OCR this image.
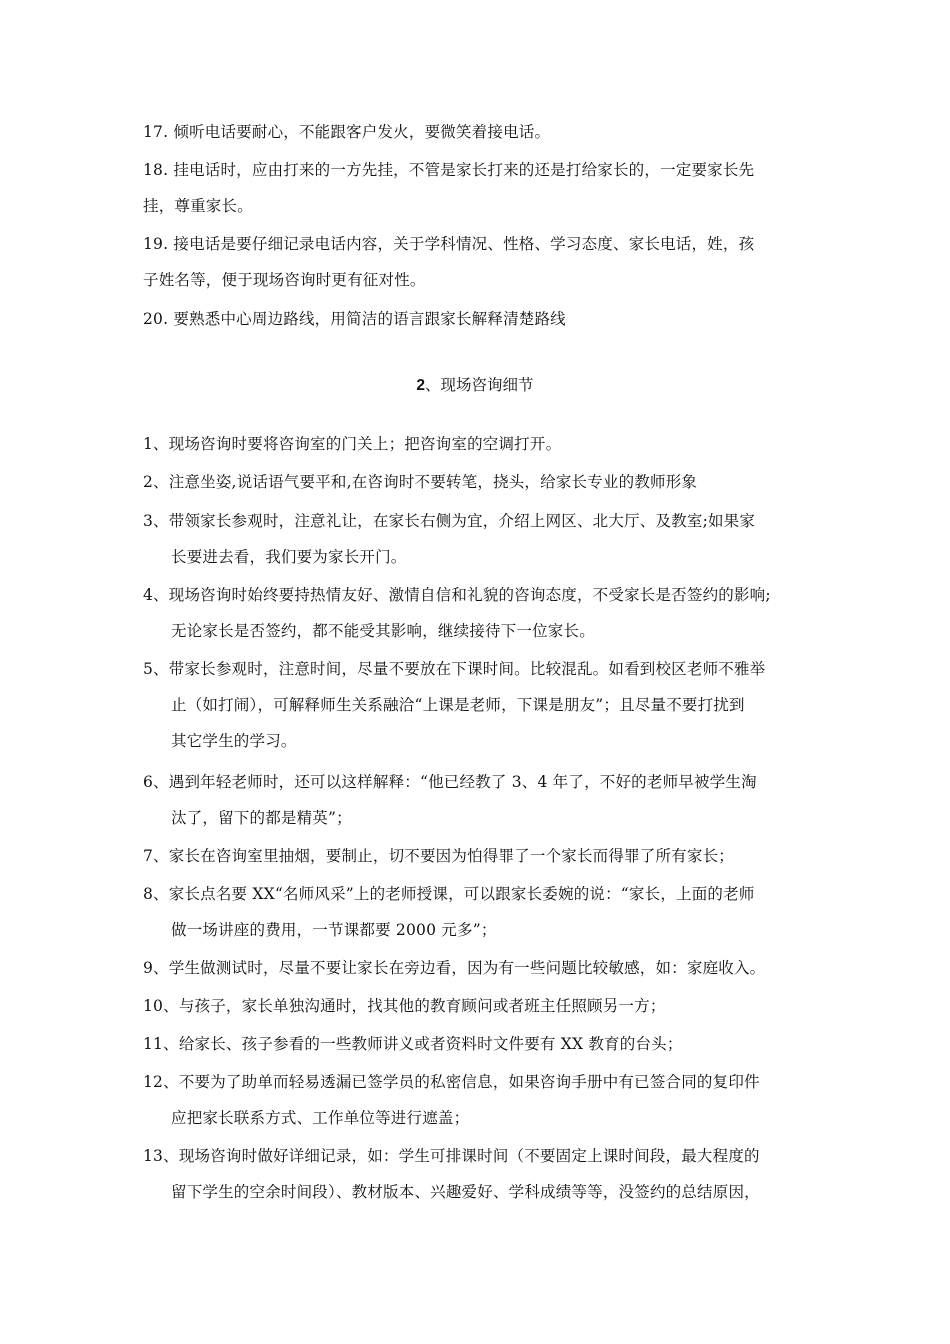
17. 倾听电话要耐心，不能跟客户发火，要微笑着接电话。
18. 挂电话时，应由打来的一方先挂，不管是家长打来的还是打给家长的，一定要家长先
挂，尊重家长。
19. 接电话是要仔细记录电话内容，关于学科情况、性格、学习态度、家长电话，姓，孩
子姓名等，便于现场咨询时更有征对性。
20. 要熟悉中心周边路线，用简洁的语言跟家长解释清楚路线
2、现场咨询细节
1、现场咨询时要将咨询室的门关上；把咨询室的空调打开。
2、注意坐姿,说话语气要平和,在咨询时不要转笔，挠头，给家长专业的教师形象
3、带领家长参观时，注意礼让，在家长右侧为宜，介绍上网区、北大厅、及教室;如果家
长要进去看，我们要为家长开门。
4、现场咨询时始终要持热情友好、激情自信和礼貌的咨询态度，不受家长是否签约的影响;
无论家长是否签约，都不能受其影响，继续接待下一位家长。
5、带家长参观时，注意时间，尽量不要放在下课时间。比较混乱。如看到校区老师不雅举
止（如打闹），可解释师生关系融洽“上课是老师，下课是朋友”；且尽量不要打扰到
其它学生的学习。
6、遇到年轻老师时，还可以这样解释：“他已经教了 3、4 年了，不好的老师早被学生淘
汰了，留下的都是精英”；
7、家长在咨询室里抽烟，要制止，切不要因为怕得罪了一个家长而得罪了所有家长；
8、家长点名要 XX“名师风采”上的老师授课，可以跟家长委婉的说：“家长，上面的老师
做一场讲座的费用，一节课都要 2000 元多”；
9、学生做测试时，尽量不要让家长在旁边看，因为有一些问题比较敏感，如：家庭收入。
10、与孩子，家长单独沟通时，找其他的教育顾问或者班主任照顾另一方；
11、给家长、孩子参看的一些教师讲义或者资料时文件要有 XX 教育的台头；
12、不要为了助单而轻易透漏已签学员的私密信息，如果咨询手册中有已签合同的复印件
应把家长联系方式、工作单位等进行遮盖；
13、现场咨询时做好详细记录，如：学生可排课时间（不要固定上课时间段，最大程度的
留下学生的空余时间段）、教材版本、兴趣爱好、学科成绩等等，没签约的总结原因，
